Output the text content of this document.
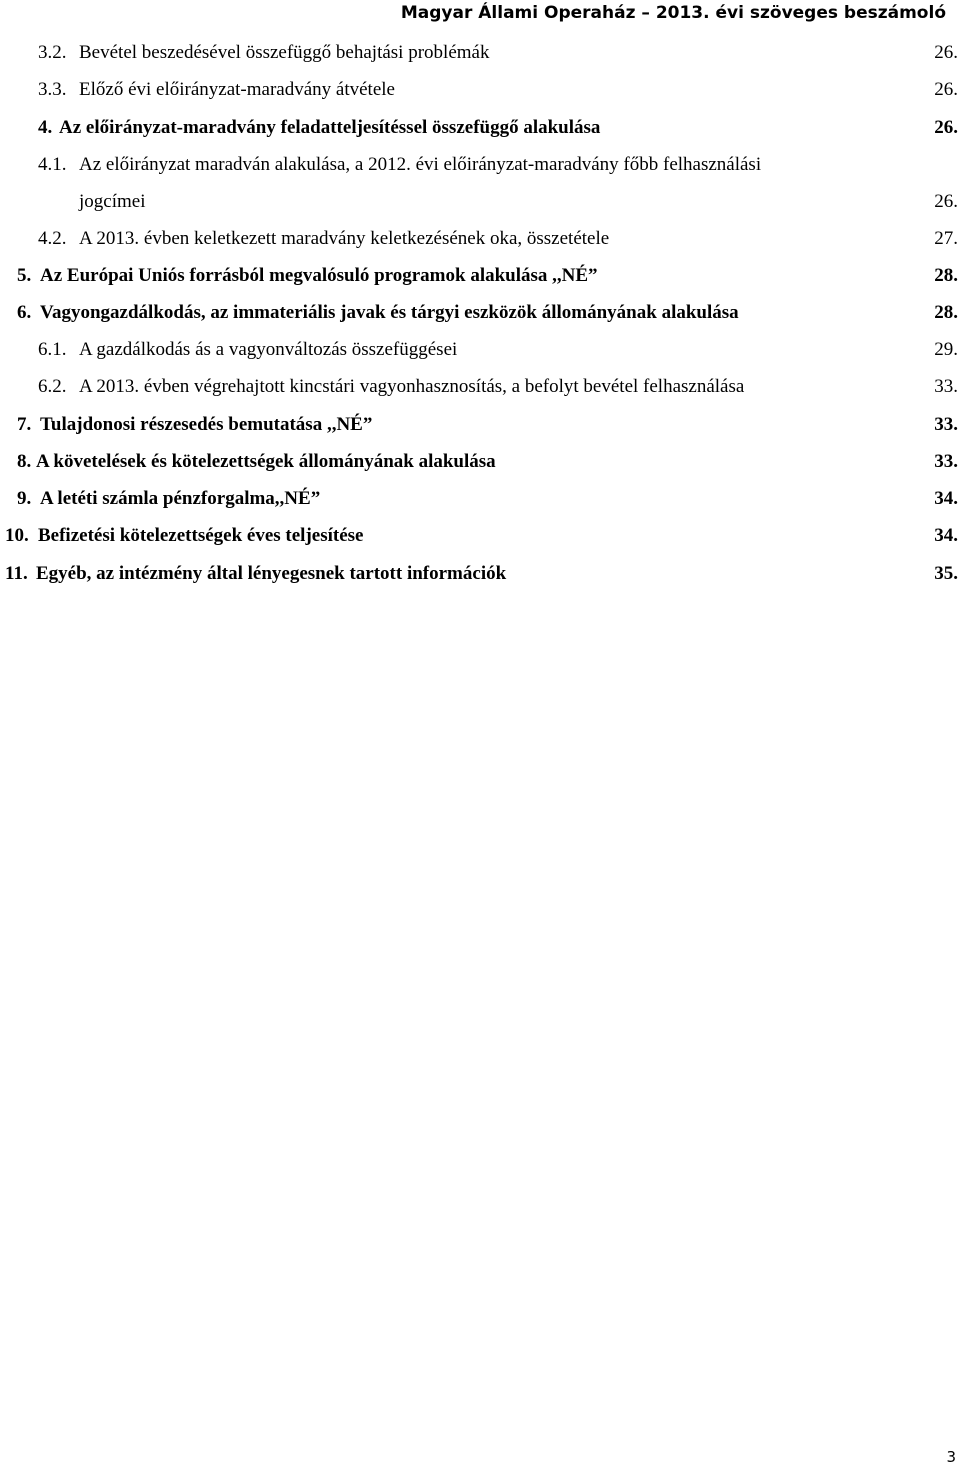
Magyar Állami Operaház – 2013. évi szöveges beszámoló
3.2. Bevétel beszedésével összefüggő behajtási problémák	26.
3.3. Előző évi előirányzat-maradvány átvétele	26.
4. Az előirányzat-maradvány feladatteljesítéssel összefüggő alakulása	26.
4.1. Az előirányzat maradván alakulása, a 2012. évi előirányzat-maradvány főbb felhasználási
jogcímei	26.
4.2. A 2013. évben keletkezett maradvány keletkezésének oka, összetétele	27.
5. Az Európai Uniós forrásból megvalósuló programok alakulása ,,NÉ”	28.
6. Vagyongazdálkodás, az immateriális javak és tárgyi eszközök állományának alakulása	28.
6.1. A gazdálkodás ás a vagyonváltozás összefüggései	29.
6.2. A 2013. évben végrehajtott kincstári vagyonhasznosítás, a befolyt bevétel felhasználása	33.
7. Tulajdonosi részesedés bemutatása ,,NÉ”	33.
8. A követelések és kötelezettségek állományának alakulása	33.
9. A letéti számla pénzforgalma,,NÉ”	34.
10. Befizetési kötelezettségek éves teljesítése	34.
11. Egyéb, az intézmény által lényegesnek tartott információk	35.
3
